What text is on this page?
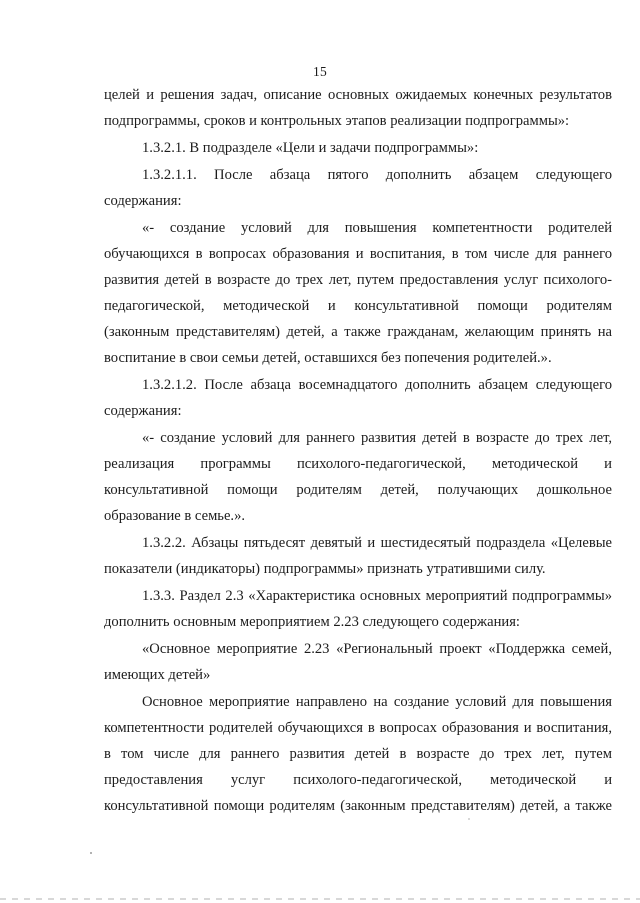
15
целей и решения задач, описание основных ожидаемых конечных результатов
подпрограммы, сроков и контрольных этапов реализации подпрограммы»:
1.3.2.1. В подразделе «Цели и задачи подпрограммы»:
1.3.2.1.1. После абзаца пятого дополнить абзацем следующего
содержания:
«- создание условий для повышения компетентности родителей
обучающихся в вопросах образования и воспитания, в том числе для раннего
развития детей в возрасте до трех лет, путем предоставления услуг психолого-
педагогической, методической и консультативной помощи родителям
(законным представителям) детей, а также гражданам, желающим принять на
воспитание в свои семьи детей, оставшихся без попечения родителей.».
1.3.2.1.2. После абзаца восемнадцатого дополнить абзацем следующего
содержания:
«- создание условий для раннего развития детей в возрасте до трех лет,
реализация программы психолого-педагогической, методической и
консультативной помощи родителям детей, получающих дошкольное
образование в семье.».
1.3.2.2. Абзацы пятьдесят девятый и шестидесятый подраздела «Целевые
показатели (индикаторы) подпрограммы» признать утратившими силу.
1.3.3. Раздел 2.3 «Характеристика основных мероприятий подпрограммы»
дополнить основным мероприятием 2.23 следующего содержания:
«Основное мероприятие 2.23 «Региональный проект «Поддержка семей,
имеющих детей»
Основное мероприятие направлено на создание условий для повышения
компетентности родителей обучающихся в вопросах образования и воспитания,
в том числе для раннего развития детей в возрасте до трех лет, путем
предоставления услуг психолого-педагогической, методической и
консультативной помощи родителям (законным представителям) детей, а также
